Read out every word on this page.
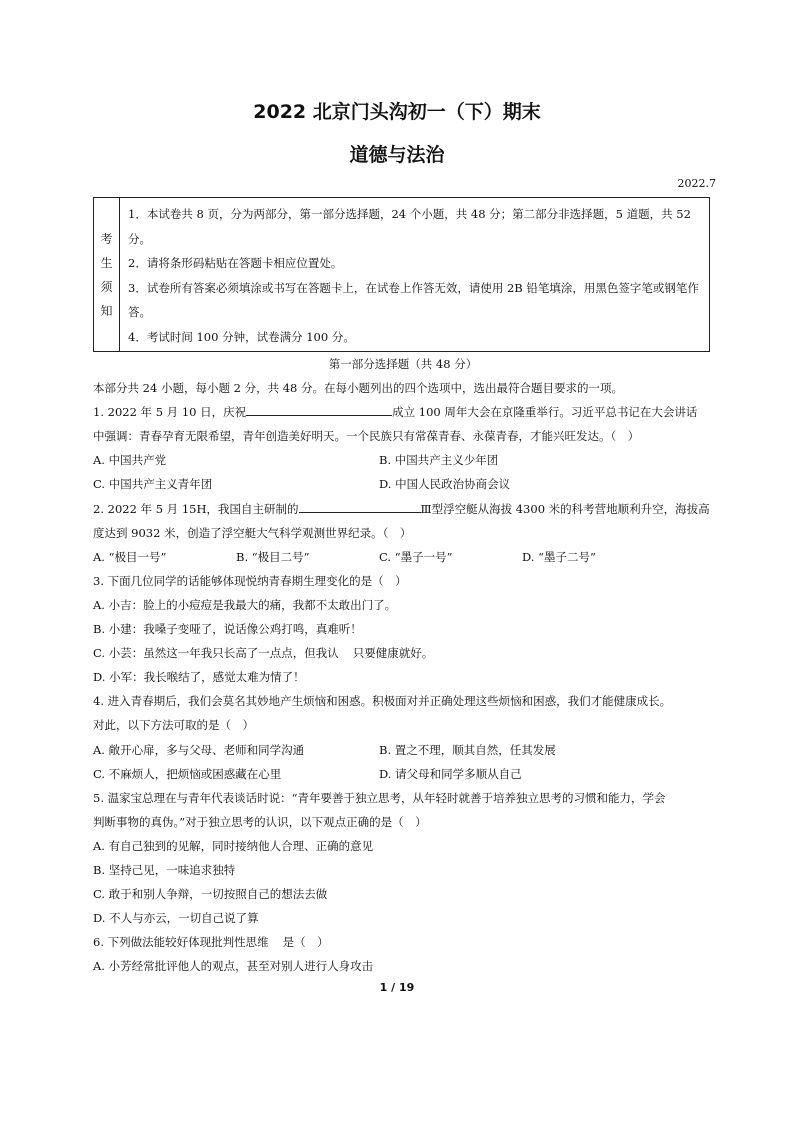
2022 北京门头沟初一（下）期末
道德与法治
2022.7
考
生
须
知

1．本试卷共 8 页，分为两部分，第一部分选择题，24 个小题，共 48 分；第二部分非选择题，5 道题，共 52 分。

2．请将条形码粘贴在答题卡相应位置处。

3．试卷所有答案必须填涂或书写在答题卡上，在试卷上作答无效，请使用 2B 铅笔填涂，用黑色签字笔或钢笔作答。

4．考试时间 100 分钟，试卷满分 100 分。

第一部分选择题（共 48 分）

本部分共 24 小题，每小题 2 分，共 48 分。在每小题列出的四个选项中，选出最符合题目要求的一项。

1. 2022 年 5 月 10 日，庆祝	成立 100 周年大会在京隆重举行。习近平总书记在大会讲话

中强调：青春孕育无限希望，青年创造美好明天。一个民族只有常葆青春、永葆青春，才能兴旺发达。（　）

A. 中国共产党	B. 中国共产主义少年团
C. 中国共产主义青年团	D. 中国人民政治协商会议

2. 2022 年 5 月 15H，我国自主研制的	Ⅲ型浮空艇从海拔 4300 米的科考营地顺利升空，海拔高

度达到 9032 米，创造了浮空艇大气科学观测世界纪录。（　）

A. “极目一号”	B. “极目二号”	C. “墨子一号”	D. “墨子二号”

3. 下面几位同学的话能够体现悦纳青春期生理变化的是（　）

A. 小吉：脸上的小痘痘是我最大的痛，我都不太敢出门了。

B. 小建：我嗓子变哑了，说话像公鸡打鸣，真难听！

C. 小芸：虽然这一年我只长高了一点点，但我认 只要健康就好。

D. 小军：我长喉结了，感觉太难为情了！

4. 进入青春期后，我们会莫名其妙地产生烦恼和困惑。积极面对并正确处理这些烦恼和困惑，我们才能健康成长。

对此，以下方法可取的是（　）

A. 敞开心扉，多与父母、老师和同学沟通	B. 置之不理，顺其自然，任其发展
C. 不麻烦人，把烦恼或困惑藏在心里	D. 请父母和同学多顺从自己

5. 温家宝总理在与青年代表谈话时说：“青年要善于独立思考，从年轻时就善于培养独立思考的习惯和能力，学会

判断事物的真伪。”对于独立思考的认识，以下观点正确的是（　）

A. 有自己独到的见解，同时接纳他人合理、正确的意见

B. 坚持己见，一味追求独特

C. 敢于和别人争辩，一切按照自己的想法去做

D. 不人与亦云，一切自己说了算

6. 下列做法能较好体现批判性思维 是（　）

A. 小芳经常批评他人的观点，甚至对别人进行人身攻击

1 / 19
